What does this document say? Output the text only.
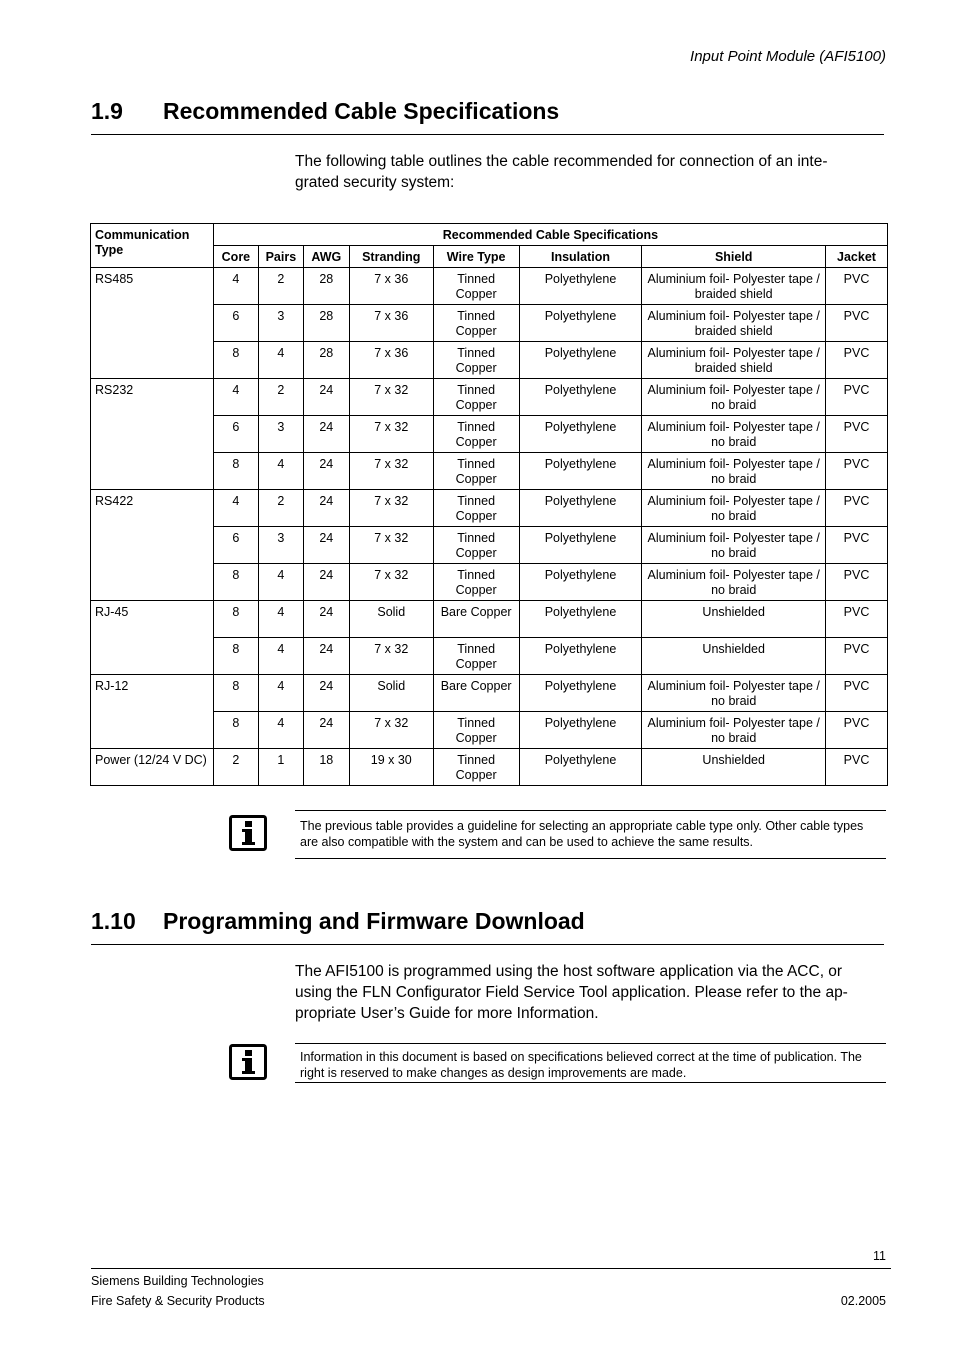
Input Point Module (AFI5100)
1.9	Recommended Cable Specifications
The following table outlines the cable recommended for connection of an inte- grated security system:
Communication Type	Recommended Cable Specifications							
	Core	Pairs	AWG	Stranding	Wire Type	Insulation	Shield	Jacket
RS485	4	2	28	7 x 36	Tinned Copper	Polyethylene	Aluminium foil- Polyester tape / braided shield	PVC
	6	3	28	7 x 36	Tinned Copper	Polyethylene	Aluminium foil- Polyester tape / braided shield	PVC
	8	4	28	7 x 36	Tinned Copper	Polyethylene	Aluminium foil- Polyester tape / braided shield	PVC
RS232	4	2	24	7 x 32	Tinned Copper	Polyethylene	Aluminium foil- Polyester tape / no braid	PVC
	6	3	24	7 x 32	Tinned Copper	Polyethylene	Aluminium foil- Polyester tape / no braid	PVC
	8	4	24	7 x 32	Tinned Copper	Polyethylene	Aluminium foil- Polyester tape / no braid	PVC
RS422	4	2	24	7 x 32	Tinned Copper	Polyethylene	Aluminium foil- Polyester tape / no braid	PVC
	6	3	24	7 x 32	Tinned Copper	Polyethylene	Aluminium foil- Polyester tape / no braid	PVC
	8	4	24	7 x 32	Tinned Copper	Polyethylene	Aluminium foil- Polyester tape / no braid	PVC
RJ-45	8	4	24	Solid	Bare Copper	Polyethylene	Unshielded	PVC
	8	4	24	7 x 32	Tinned Copper	Polyethylene	Unshielded	PVC
RJ-12	8	4	24	Solid	Bare Copper	Polyethylene	Aluminium foil- Polyester tape / no braid	PVC
	8	4	24	7 x 32	Tinned Copper	Polyethylene	Aluminium foil- Polyester tape / no braid	PVC
Power (12/24 V DC)	2	1	18	19 x 30	Tinned Copper	Polyethylene	Unshielded	PVC
The previous table provides a guideline for selecting an appropriate cable type only. Other cable types are also compatible with the system and can be used to achieve the same results.
1.10	Programming and Firmware Download
The AFI5100 is programmed using the host software application via the ACC, or using the FLN Configurator Field Service Tool application. Please refer to the ap- propriate User’s Guide for more Information.
Information in this document is based on specifications believed correct at the time of publication. The right is reserved to make changes as design improvements are made.
11
Siemens Building Technologies
Fire Safety & Security Products	02.2005
